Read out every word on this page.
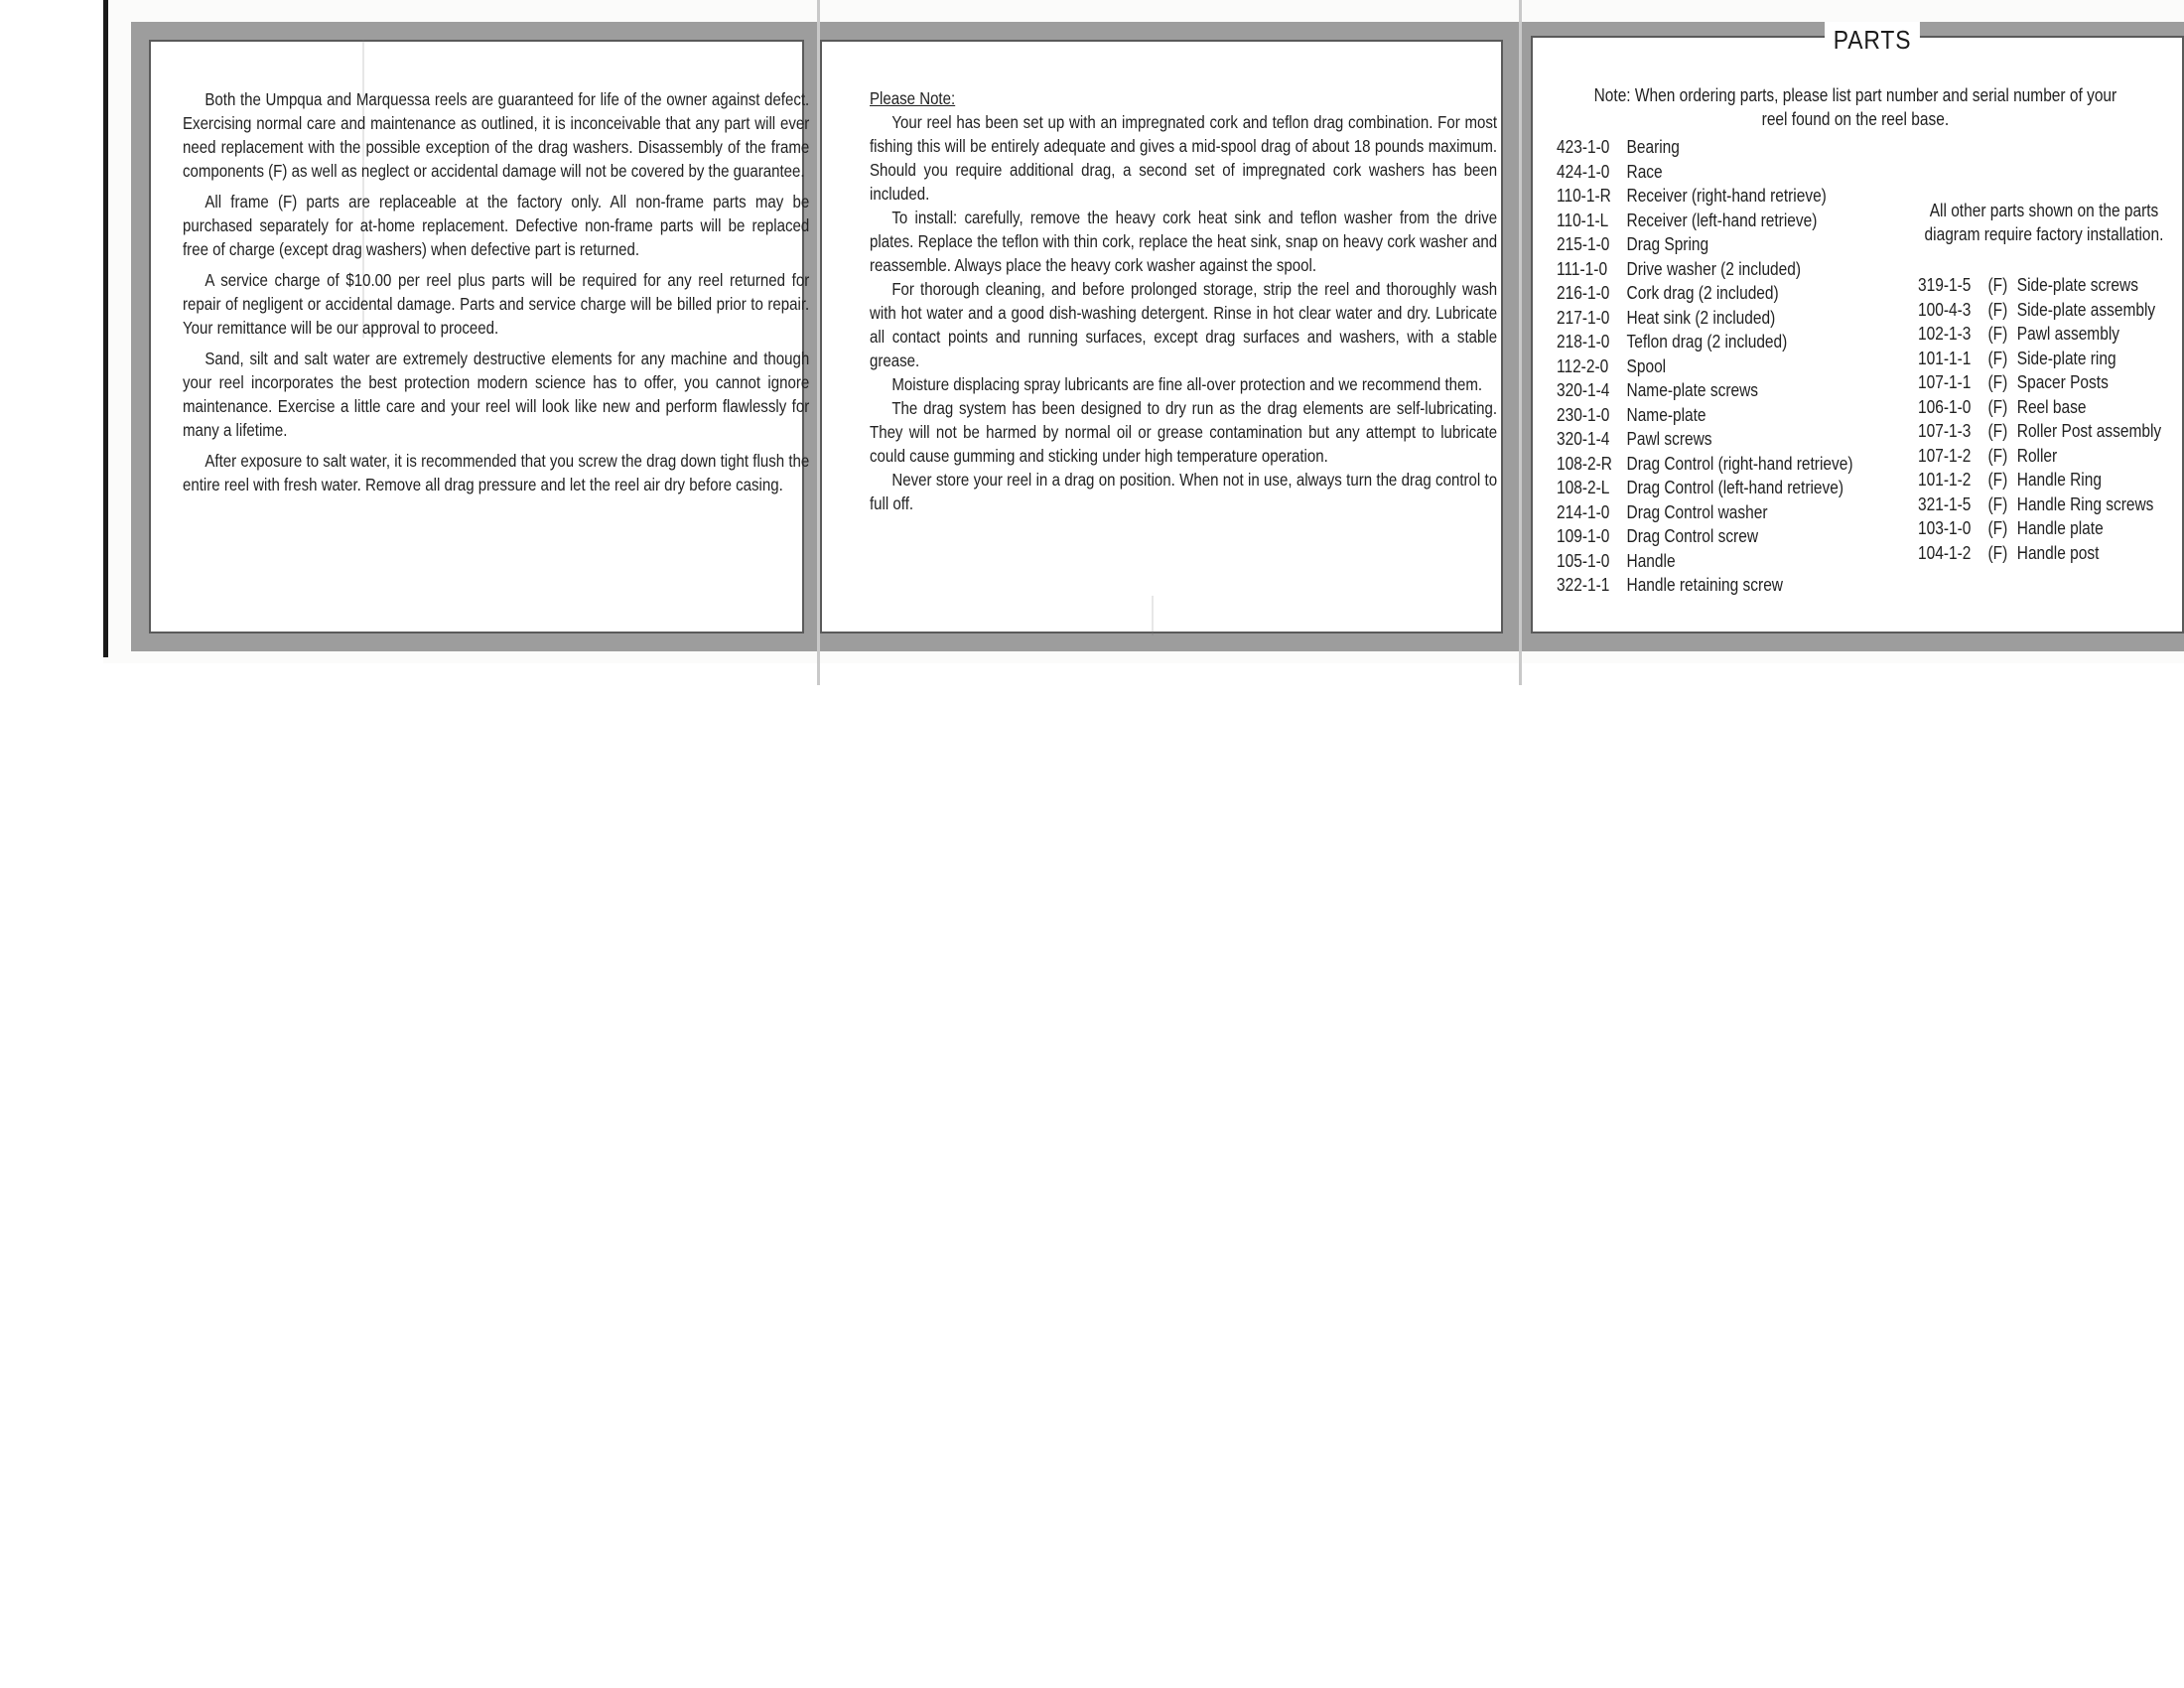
Both the Umpqua and Marquessa reels are guaranteed for life of the owner against defect. Exercising normal care and maintenance as outlined, it is inconceivable that any part will ever need replacement with the possible exception of the drag washers. Disassembly of the frame components (F) as well as neglect or accidental damage will not be covered by the guarantee.

All frame (F) parts are replaceable at the factory only. All non-frame parts may be purchased separately for at-home replacement. Defective non-frame parts will be replaced free of charge (except drag washers) when defective part is returned.

A service charge of $10.00 per reel plus parts will be required for any reel returned for repair of negligent or accidental damage. Parts and service charge will be billed prior to repair. Your remittance will be our approval to proceed.

Sand, silt and salt water are extremely destructive elements for any machine and though your reel incorporates the best protection modern science has to offer, you cannot ignore maintenance. Exercise a little care and your reel will look like new and perform flawlessly for many a lifetime.

After exposure to salt water, it is recommended that you screw the drag down tight flush the entire reel with fresh water. Remove all drag pressure and let the reel air dry before casing.

Please Note:

Your reel has been set up with an impregnated cork and teflon drag combination. For most fishing this will be entirely adequate and gives a mid-spool drag of about 18 pounds maximum. Should you require additional drag, a second set of impregnated cork washers has been included.

To install: carefully, remove the heavy cork heat sink and teflon washer from the drive plates. Replace the teflon with thin cork, replace the heat sink, snap on heavy cork washer and reassemble. Always place the heavy cork washer against the spool.

For thorough cleaning, and before prolonged storage, strip the reel and thoroughly wash with hot water and a good dish-washing detergent. Rinse in hot clear water and dry. Lubricate all contact points and running surfaces, except drag surfaces and washers, with a stable grease.

Moisture displacing spray lubricants are fine all-over protection and we recommend them.

The drag system has been designed to dry run as the drag elements are self-lubricating. They will not be harmed by normal oil or grease contamination but any attempt to lubricate could cause gumming and sticking under high temperature operation.

Never store your reel in a drag on position. When not in use, always turn the drag control to full off.

PARTS
Note: When ordering parts, please list part number and serial number of your reel found on the reel base.
423-1-0 Bearing
424-1-0 Race
110-1-R Receiver (right-hand retrieve)
110-1-L Receiver (left-hand retrieve)
215-1-0 Drag Spring
111-1-0 Drive washer (2 included)
216-1-0 Cork drag (2 included)
217-1-0 Heat sink (2 included)
218-1-0 Teflon drag (2 included)
112-2-0 Spool
320-1-4 Name-plate screws
230-1-0 Name-plate
320-1-4 Pawl screws
108-2-R Drag Control (right-hand retrieve)
108-2-L Drag Control (left-hand retrieve)
214-1-0 Drag Control washer
109-1-0 Drag Control screw
105-1-0 Handle
322-1-1 Handle retaining screw
All other parts shown on the parts diagram require factory installation.
319-1-5 (F) Side-plate screws
100-4-3 (F) Side-plate assembly
102-1-3 (F) Pawl assembly
101-1-1 (F) Side-plate ring
107-1-1 (F) Spacer Posts
106-1-0 (F) Reel base
107-1-3 (F) Roller Post assembly
107-1-2 (F) Roller
101-1-2 (F) Handle Ring
321-1-5 (F) Handle Ring screws
103-1-0 (F) Handle plate
104-1-2 (F) Handle post
